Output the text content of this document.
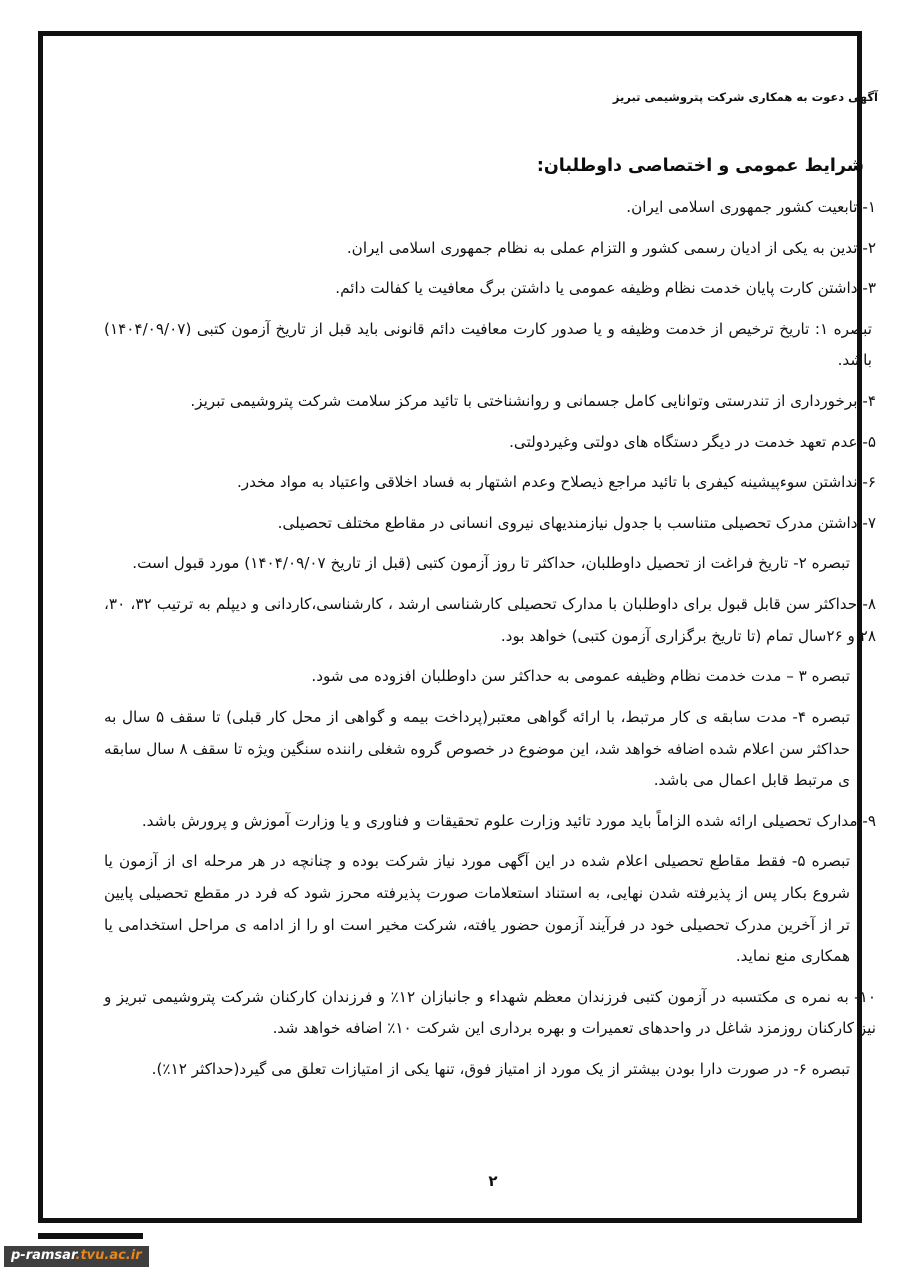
آگهی دعوت به همکاری شرکت پتروشیمی تبریز
شرایط عمومی و اختصاصی داوطلبان:

۱- تابعیت کشور جمهوری اسلامی ایران.

۲- تدین به یکی از ادیان رسمی کشور و التزام عملی به نظام جمهوری اسلامی ایران.

۳- داشتن کارت پایان خدمت نظام وظیفه عمومی یا داشتن برگ معافیت یا کفالت دائم.

تبصره ۱: تاریخ ترخیص از خدمت وظیفه و یا صدور کارت معافیت دائم قانونی باید قبل از تاریخ آزمون کتبی (۱۴۰۴/۰۹/۰۷) باشد.

۴- برخورداری از تندرستی وتوانایی کامل جسمانی و روانشناختی با تائید مرکز سلامت شرکت پتروشیمی تبریز.

۵- عدم تعهد خدمت در دیگر دستگاه های دولتی وغیردولتی.

۶- نداشتن سوءپیشینه کیفری با تائید مراجع ذیصلاح وعدم اشتهار به فساد اخلاقی واعتیاد به مواد مخدر.

۷- داشتن مدرک تحصیلی متناسب با جدول نیازمندیهای نیروی انسانی در مقاطع مختلف تحصیلی.

تبصره ۲- تاریخ فراغت از تحصیل داوطلبان، حداکثر تا روز آزمون کتبی (قبل از تاریخ ۱۴۰۴/۰۹/۰۷) مورد قبول است.

۸- حداکثر سن قابل قبول برای داوطلبان با مدارک تحصیلی کارشناسی ارشد ، کارشناسی،کاردانی و دیپلم به ترتیب ۳۲، ۳۰، ۲۸ و ۲۶سال تمام (تا تاریخ برگزاری آزمون کتبی) خواهد بود.

تبصره ۳ – مدت خدمت نظام وظیفه عمومی به حداکثر سن داوطلبان افزوده می شود.

تبصره ۴- مدت سابقه ی کار مرتبط، با ارائه گواهی معتبر(پرداخت بیمه و گواهی از محل کار قبلی) تا سقف ۵ سال به حداکثر سن اعلام شده اضافه خواهد شد، این موضوع در خصوص گروه شغلی راننده سنگین ویژه تا سقف ۸ سال سابقه ی مرتبط قابل اعمال می باشد.

۹- مدارک تحصیلی ارائه شده الزاماً باید مورد تائید وزارت علوم تحقیقات و فناوری و یا وزارت آموزش و پرورش باشد.

تبصره ۵- فقط مقاطع تحصیلی اعلام شده در این آگهی مورد نیاز شرکت بوده و چنانچه در هر مرحله ای از آزمون یا شروع بکار پس از پذیرفته شدن نهایی، به استناد استعلامات صورت پذیرفته محرز شود که فرد در مقطع تحصیلی پایین تر از آخرین مدرک تحصیلی خود در فرآیند آزمون حضور یافته، شرکت مخیر است او را از ادامه ی مراحل استخدامی یا همکاری منع نماید.

۱۰- به نمره ی مکتسبه در آزمون کتبی فرزندان معظم شهداء و جانبازان ۱۲٪ و فرزندان کارکنان شرکت پتروشیمی تبریز و نیز کارکنان روزمزد شاغل در واحدهای تعمیرات و بهره برداری این شرکت ۱۰٪ اضافه خواهد شد.

تبصره ۶- در صورت دارا بودن بیشتر از یک مورد از امتیاز فوق، تنها یکی از امتیازات تعلق می گیرد(حداکثر ۱۲٪).

۲
p-ramsar.tvu.ac.ir
